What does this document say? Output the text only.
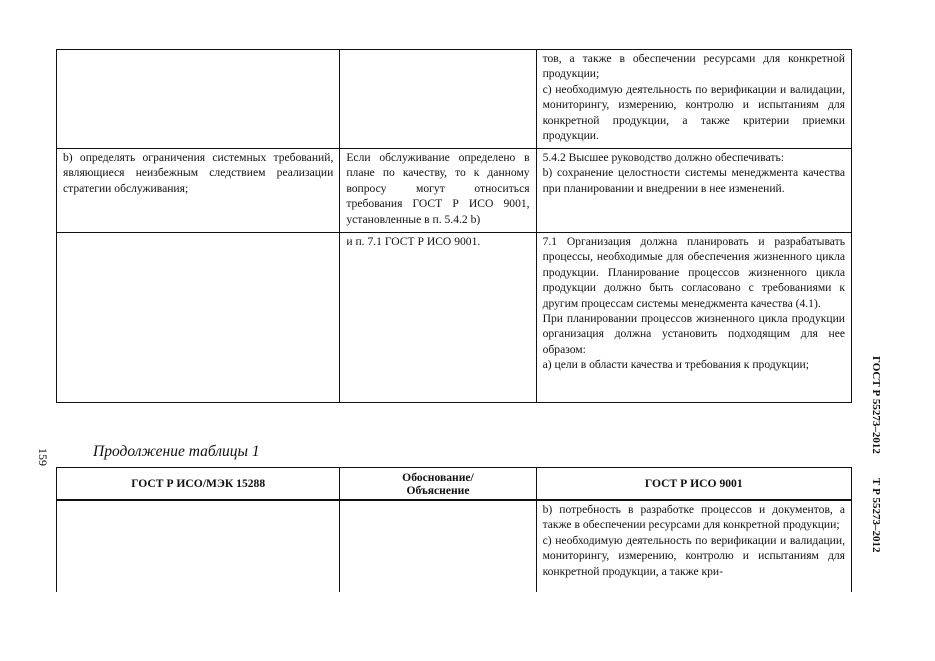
		тов, а также в обеспечении ресурсами для конкретной продукции;

c) необходимую деятельность по верификации и валидации, мониторингу, измерению, контролю и испытаниям для конкретной продукции, а также критерии приемки продукции.

b) определять ограничения системных требований, являющиеся неизбежным следствием реализации стратегии обслуживания;	Если обслуживание определено в плане по качеству, то к данному вопросу могут относиться требования ГОСТ Р ИСО 9001, установленные в п. 5.4.2 b)	5.4.2 Высшее руководство должно обеспечивать:

b) сохранение целостности системы менеджмента качества при планировании и внедрении в нее изменений.

	и п. 7.1 ГОСТ Р ИСО 9001.	7.1 Организация должна планировать и разрабатывать процессы, необходимые для обеспечения жизненного цикла продукции. Планирование процессов жизненного цикла продукции должно быть согласовано с требованиями к другим процессам системы менеджмента качества (4.1).

При планировании процессов жизненного цикла продукции организация должна установить подходящим для нее образом:

a) цели в области качества и требования к продукции;

159	Продолжение таблицы 1	ГОСТ Р 55273–2012
Т Р 55273–2012
ГОСТ Р ИСО/МЭК 15288	Обоснование/ Объяснение	ГОСТ Р ИСО 9001

		b) потребность в разработке процессов и документов, а также в обеспечении ресурсами для конкретной продукции;

c) необходимую деятельность по верификации и валидации, мониторингу, измерению, контролю и испытаниям для конкретной продукции, а также кри-
